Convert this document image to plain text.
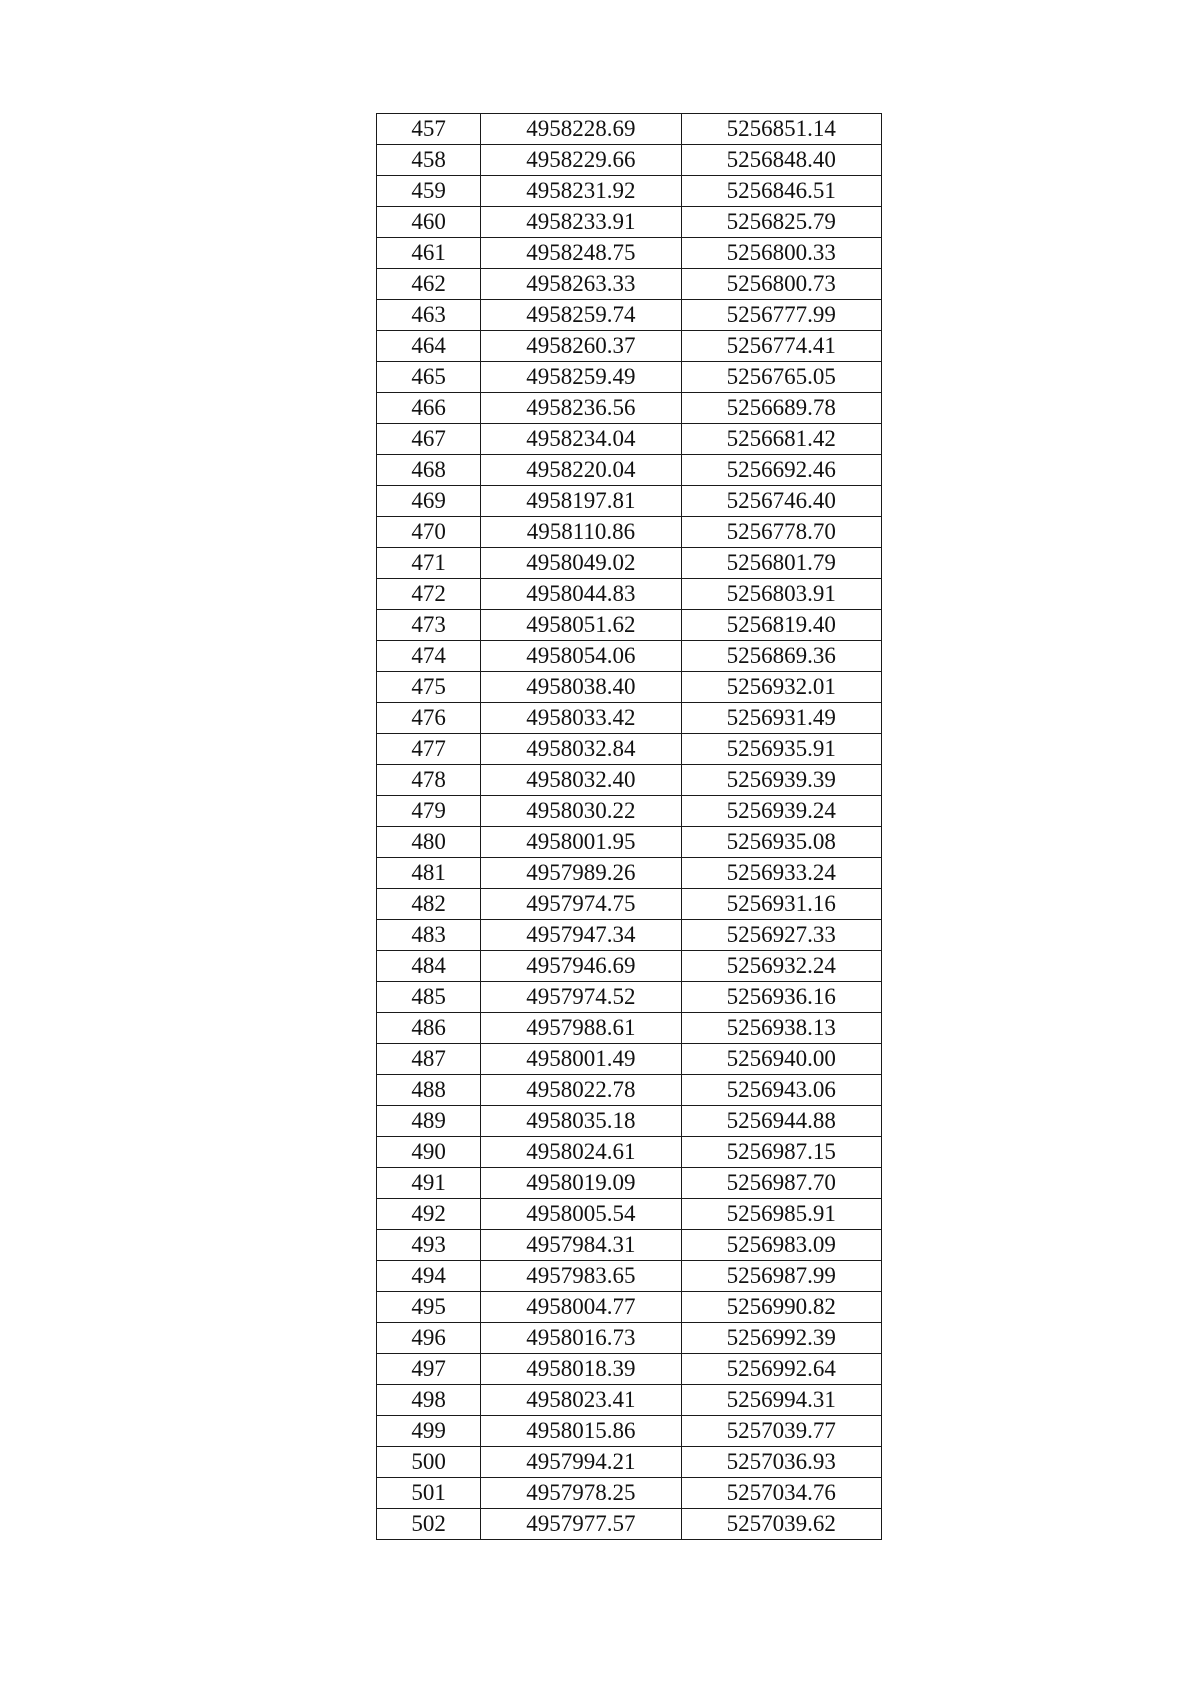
457	4958228.69	5256851.14
458	4958229.66	5256848.40
459	4958231.92	5256846.51
460	4958233.91	5256825.79
461	4958248.75	5256800.33
462	4958263.33	5256800.73
463	4958259.74	5256777.99
464	4958260.37	5256774.41
465	4958259.49	5256765.05
466	4958236.56	5256689.78
467	4958234.04	5256681.42
468	4958220.04	5256692.46
469	4958197.81	5256746.40
470	4958110.86	5256778.70
471	4958049.02	5256801.79
472	4958044.83	5256803.91
473	4958051.62	5256819.40
474	4958054.06	5256869.36
475	4958038.40	5256932.01
476	4958033.42	5256931.49
477	4958032.84	5256935.91
478	4958032.40	5256939.39
479	4958030.22	5256939.24
480	4958001.95	5256935.08
481	4957989.26	5256933.24
482	4957974.75	5256931.16
483	4957947.34	5256927.33
484	4957946.69	5256932.24
485	4957974.52	5256936.16
486	4957988.61	5256938.13
487	4958001.49	5256940.00
488	4958022.78	5256943.06
489	4958035.18	5256944.88
490	4958024.61	5256987.15
491	4958019.09	5256987.70
492	4958005.54	5256985.91
493	4957984.31	5256983.09
494	4957983.65	5256987.99
495	4958004.77	5256990.82
496	4958016.73	5256992.39
497	4958018.39	5256992.64
498	4958023.41	5256994.31
499	4958015.86	5257039.77
500	4957994.21	5257036.93
501	4957978.25	5257034.76
502	4957977.57	5257039.62
